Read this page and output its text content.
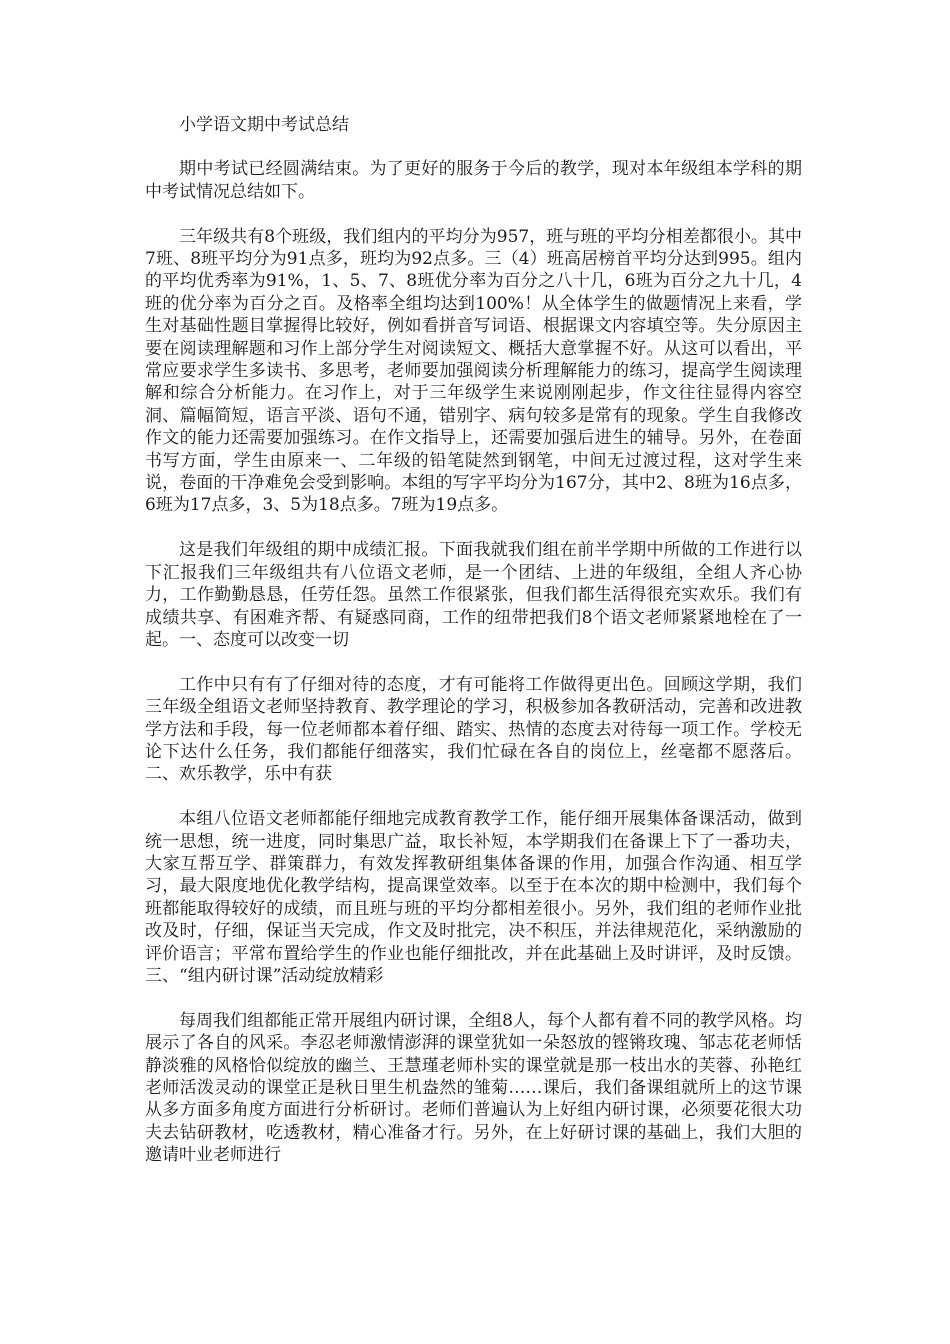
小学语文期中考试总结

期中考试已经圆满结束。为了更好的服务于今后的教学，现对本年级组本学科的期中考试情况总结如下。

三年级共有8个班级，我们组内的平均分为957，班与班的平均分相差都很小。其中7班、8班平均分为91点多，班均为92点多。三（4）班高居榜首平均分达到995。组内的平均优秀率为91%，1、5、7、8班优分率为百分之八十几，6班为百分之九十几，4班的优分率为百分之百。及格率全组均达到100%！从全体学生的做题情况上来看，学生对基础性题目掌握得比较好，例如看拼音写词语、根据课文内容填空等。失分原因主要在阅读理解题和习作上部分学生对阅读短文、概括大意掌握不好。从这可以看出，平常应要求学生多读书、多思考，老师要加强阅读分析理解能力的练习，提高学生阅读理解和综合分析能力。在习作上，对于三年级学生来说刚刚起步，作文往往显得内容空洞、篇幅简短，语言平淡、语句不通，错别字、病句较多是常有的现象。学生自我修改作文的能力还需要加强练习。在作文指导上，还需要加强后进生的辅导。另外，在卷面书写方面，学生由原来一、二年级的铅笔陡然到钢笔，中间无过渡过程，这对学生来说，卷面的干净难免会受到影响。本组的写字平均分为167分，其中2、8班为16点多，6班为17点多，3、5为18点多。7班为19点多。

这是我们年级组的期中成绩汇报。下面我就我们组在前半学期中所做的工作进行以下汇报我们三年级组共有八位语文老师，是一个团结、上进的年级组，全组人齐心协力，工作勤勤恳恳，任劳任怨。虽然工作很紧张，但我们都生活得很充实欢乐。我们有成绩共享、有困难齐帮、有疑惑同商，工作的纽带把我们8个语文老师紧紧地栓在了一起。一、态度可以改变一切

工作中只有有了仔细对待的态度，才有可能将工作做得更出色。回顾这学期，我们三年级全组语文老师坚持教育、教学理论的学习，积极参加各教研活动，完善和改进教学方法和手段，每一位老师都本着仔细、踏实、热情的态度去对待每一项工作。学校无论下达什么任务，我们都能仔细落实，我们忙碌在各自的岗位上，丝毫都不愿落后。二、欢乐教学，乐中有获

本组八位语文老师都能仔细地完成教育教学工作，能仔细开展集体备课活动，做到统一思想，统一进度，同时集思广益，取长补短，本学期我们在备课上下了一番功夫，大家互帮互学、群策群力，有效发挥教研组集体备课的作用，加强合作沟通、相互学习，最大限度地优化教学结构，提高课堂效率。以至于在本次的期中检测中，我们每个班都能取得较好的成绩，而且班与班的平均分都相差很小。另外，我们组的老师作业批改及时，仔细，保证当天完成，作文及时批完，决不积压，并法律规范化，采纳激励的评价语言；平常布置给学生的作业也能仔细批改，并在此基础上及时讲评，及时反馈。三、“组内研讨课”活动绽放精彩

每周我们组都能正常开展组内研讨课，全组8人，每个人都有着不同的教学风格。均展示了各自的风采。李忍老师激情澎湃的课堂犹如一朵怒放的铿锵玫瑰、邹志花老师恬静淡雅的风格恰似绽放的幽兰、王慧瑾老师朴实的课堂就是那一枝出水的芙蓉、孙艳红老师活泼灵动的课堂正是秋日里生机盎然的雏菊……课后，我们备课组就所上的这节课从多方面多角度方面进行分析研讨。老师们普遍认为上好组内研讨课，必须要花很大功夫去钻研教材，吃透教材，精心准备才行。另外，在上好研讨课的基础上，我们大胆的邀请叶业老师进行
